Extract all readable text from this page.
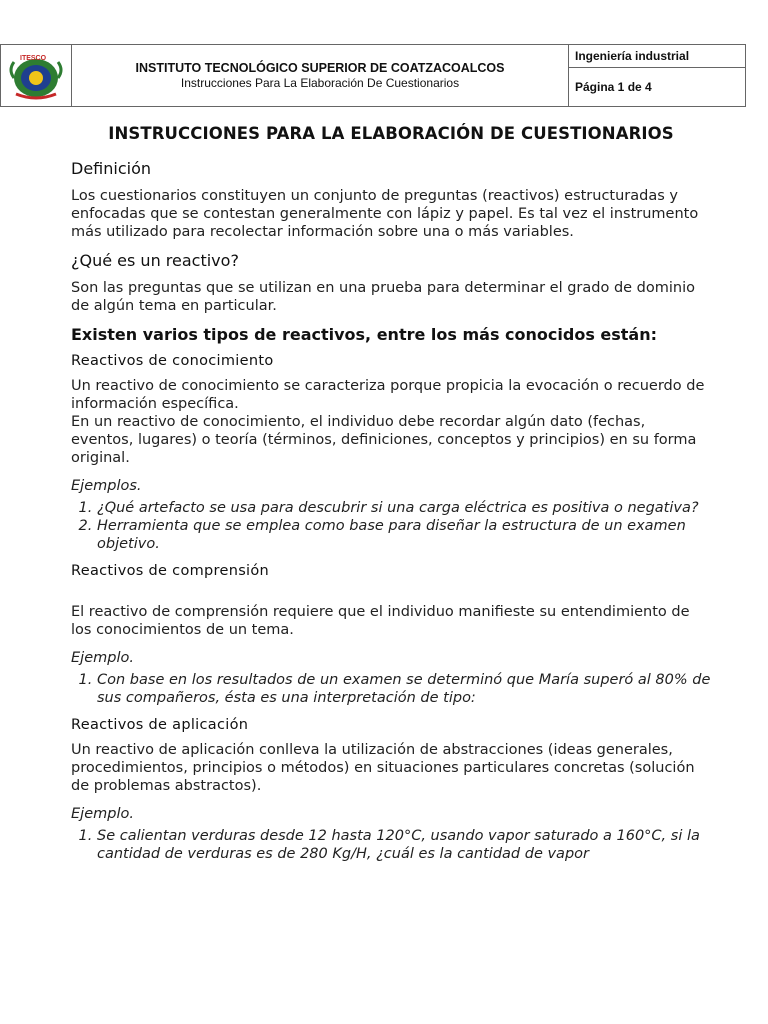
ITESCO

INSTITUTO TECNOLÓGICO SUPERIOR DE COATZACOALCOS
Instrucciones Para La Elaboración De Cuestionarios
	Ingeniería industrial
Página 1 de 4
INSTRUCCIONES PARA LA ELABORACIÓN DE CUESTIONARIOS
Definición

Los cuestionarios constituyen un conjunto de preguntas (reactivos) estructuradas y enfocadas que se contestan generalmente con lápiz y papel. Es tal vez el instrumento más utilizado para recolectar información sobre una o más variables.

¿Qué es un reactivo?

Son las preguntas que se utilizan en una prueba para determinar el grado de dominio de algún tema en particular.

Existen varios tipos de reactivos, entre los más conocidos están:
Reactivos de conocimiento

Un reactivo de conocimiento se caracteriza porque propicia la evocación o recuerdo de información específica.

En un reactivo de conocimiento, el individuo debe recordar algún dato (fechas, eventos, lugares) o teoría (términos, definiciones, conceptos y principios) en su forma original.

Ejemplos.

1. ¿Qué artefacto se usa para descubrir si una carga eléctrica es positiva o negativa?
2. Herramienta que se emplea como base para diseñar la estructura de un examen objetivo.
Reactivos de comprensión

El reactivo de comprensión requiere que el individuo manifieste su entendimiento de los conocimientos de un tema.

Ejemplo.

1. Con base en los resultados de un examen se determinó que María superó al 80% de sus compañeros, ésta es una interpretación de tipo:
Reactivos de aplicación

Un reactivo de aplicación conlleva la utilización de abstracciones (ideas generales, procedimientos, principios o métodos) en situaciones particulares concretas (solución de problemas abstractos).

Ejemplo.

1. Se calientan verduras desde 12 hasta 120°C, usando vapor saturado a 160°C, si la cantidad de verduras es de 280 Kg/H, ¿cuál es la cantidad de vapor
